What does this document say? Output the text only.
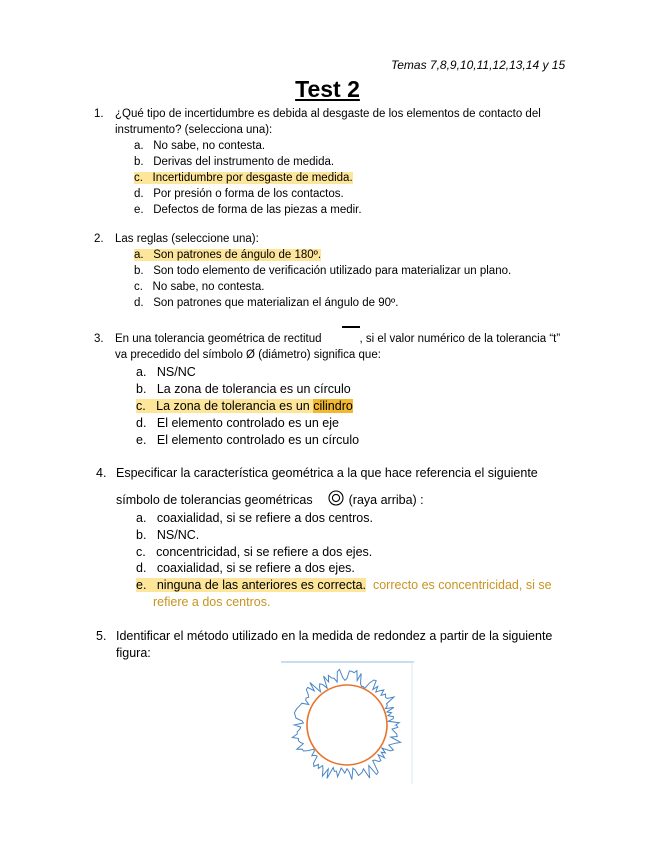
Temas 7,8,9,10,11,12,13,14 y 15
Test 2
1. ¿Qué tipo de incertidumbre es debida al desgaste de los elementos de contacto del
instrumento? (selecciona una):
a. No sabe, no contesta.
b. Derivas del instrumento de medida.
c. Incertidumbre por desgaste de medida.
d. Por presión o forma de los contactos.
e. Defectos de forma de las piezas a medir.
2. Las reglas (seleccione una):
a. Son patrones de ángulo de 180º.
b. Son todo elemento de verificación utilizado para materializar un plano.
c. No sabe, no contesta.
d. Son patrones que materializan el ángulo de 90º.
3. En una tolerancia geométrica de rectitud	, si el valor numérico de la tolerancia “t”
va precedido del símbolo Ø (diámetro) significa que:
a. NS/NC
b. La zona de tolerancia es un círculo
c. La zona de tolerancia es un cilindro
d. El elemento controlado es un eje
e. El elemento controlado es un círculo
4. Especificar la característica geométrica a la que hace referencia el siguiente
símbolo de tolerancias geométricas	(raya arriba) :
a. coaxialidad, si se refiere a dos centros.
b. NS/NC.
c. concentricidad, si se refiere a dos ejes.
d. coaxialidad, si se refiere a dos ejes.
e. ninguna de las anteriores es correcta. correcto es concentricidad, si se
refiere a dos centros.
5. Identificar el método utilizado en la medida de redondez a partir de la siguiente
figura:
